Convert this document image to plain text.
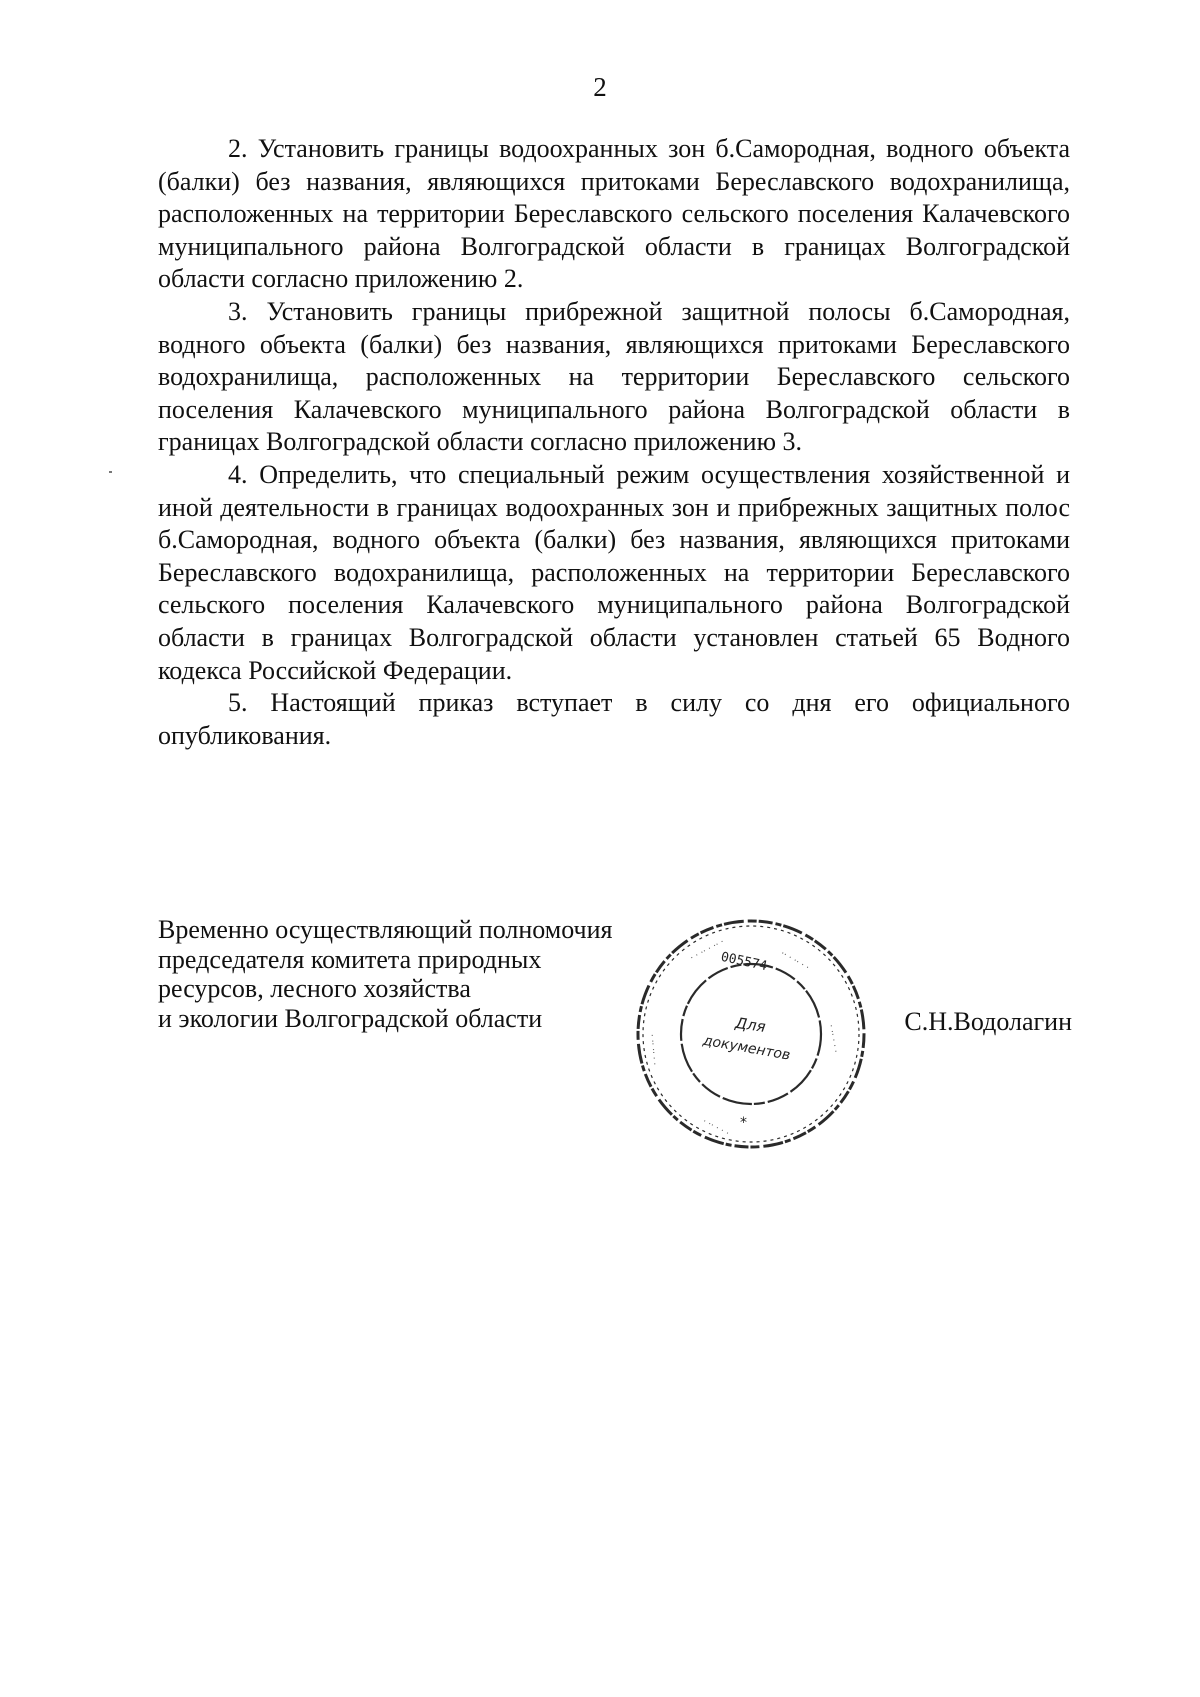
2

2. Установить границы водоохранных зон б.Самородная, водного объекта (балки) без названия, являющихся притоками Береславского водохранилища, расположенных на территории Береславского сельского поселения Калачевского муниципального района Волгоградской области в границах Волгоградской области согласно приложению 2.

3. Установить границы прибрежной защитной полосы б.Самородная, водного объекта (балки) без названия, являющихся притоками Береславского водохранилища, расположенных на территории Береславского сельского поселения Калачевского муниципального района Волгоградской области в границах Волгоградской области согласно приложению 3.

4. Определить, что специальный режим осуществления хозяйственной и иной деятельности в границах водоохранных зон и прибрежных защитных полос б.Самородная, водного объекта (балки) без названия, являющихся притоками Береславского водохранилища, расположенных на территории Береславского сельского поселения Калачевского муниципального района Волгоградской области в границах Волгоградской области установлен статьей 65 Водного кодекса Российской Федерации.

5. Настоящий приказ вступает в силу со дня его официального опубликования.

Временно осуществляющий полномочия
председателя комитета природных
ресурсов, лесного хозяйства
и экологии Волгоградской области	С.Н.Водолагин
· · ·· · ·· ·	·· · ·· · ·
· ·· · · ·
· · ·· ·· ·
· ·· · · ·
005574
Для
документов
*
